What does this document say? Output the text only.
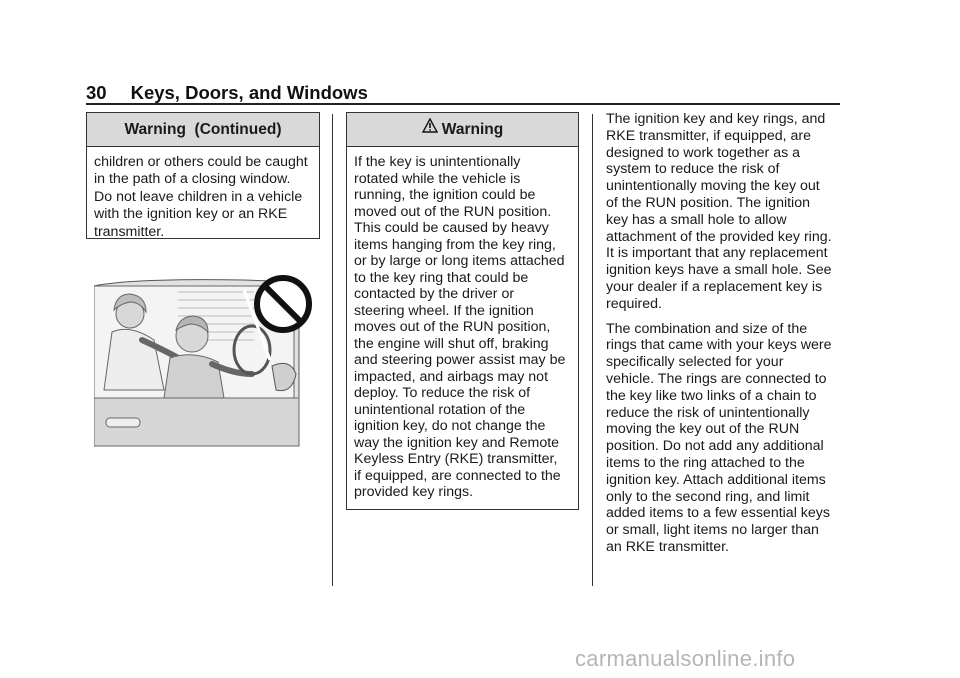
30 Keys, Doors, and Windows
Warning  (Continued)

children or others could be caught

in the path of a closing window.

Do not leave children in a vehicle

with the ignition key or an RKE

transmitter.

Warning

If the key is unintentionally

rotated while the vehicle is

running, the ignition could be

moved out of the RUN position.

This could be caused by heavy

items hanging from the key ring,

or by large or long items attached

to the key ring that could be

contacted by the driver or

steering wheel. If the ignition

moves out of the RUN position,

the engine will shut off, braking

and steering power assist may be

impacted, and airbags may not

deploy. To reduce the risk of

unintentional rotation of the

ignition key, do not change the

way the ignition key and Remote

Keyless Entry (RKE) transmitter,

if equipped, are connected to the

provided key rings.

The ignition key and key rings, and
RKE transmitter, if equipped, are
designed to work together as a
system to reduce the risk of
unintentionally moving the key out
of the RUN position. The ignition
key has a small hole to allow
attachment of the provided key ring.
It is important that any replacement
ignition keys have a small hole. See
your dealer if a replacement key is
required.

The combination and size of the
rings that came with your keys were
specifically selected for your
vehicle. The rings are connected to
the key like two links of a chain to
reduce the risk of unintentionally
moving the key out of the RUN
position. Do not add any additional
items to the ring attached to the
ignition key. Attach additional items
only to the second ring, and limit
added items to a few essential keys
or small, light items no larger than
an RKE transmitter.

carmanualsonline.info
